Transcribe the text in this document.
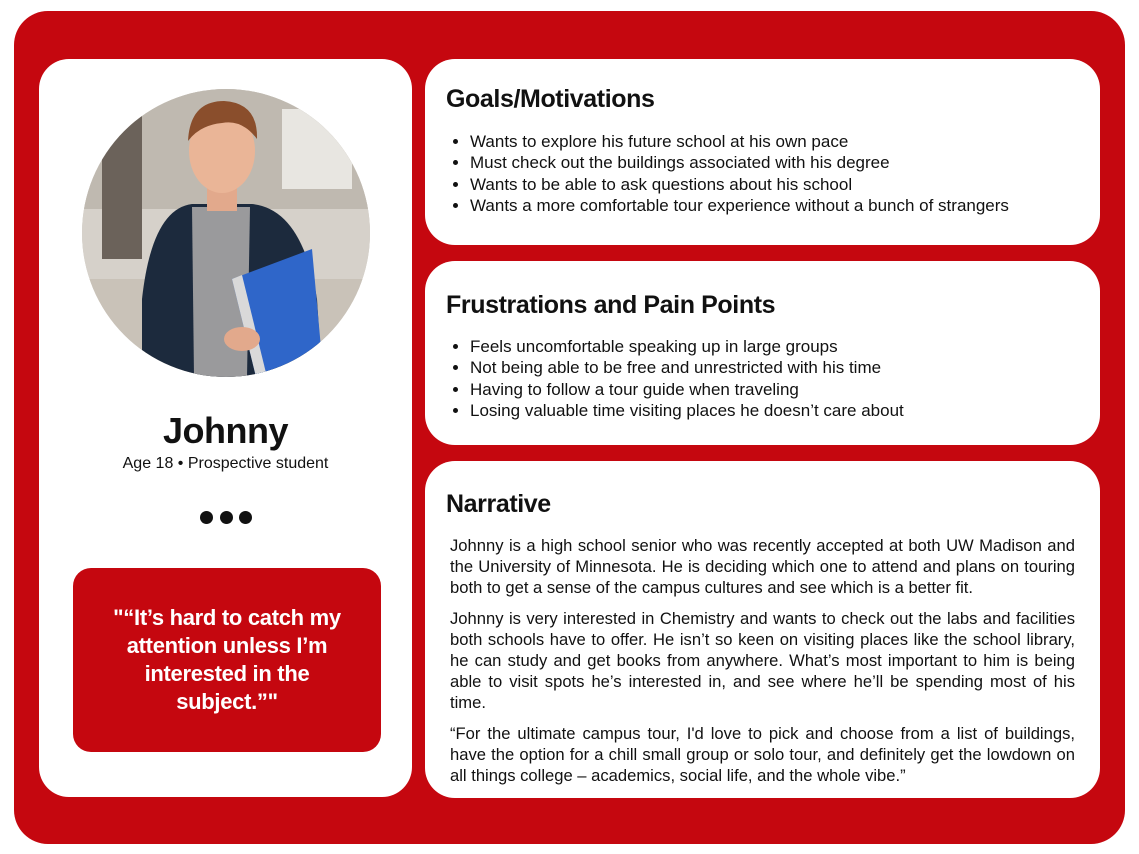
Johnny
Age 18 • Prospective student
"“It’s hard to catch my attention unless I’m interested in the subject.”"
Goals/Motivations
• Wants to explore his future school at his own pace
• Must check out the buildings associated with his degree
• Wants to be able to ask questions about his school
• Wants a more comfortable tour experience without a bunch of strangers
Frustrations and Pain Points
• Feels uncomfortable speaking up in large groups
• Not being able to be free and unrestricted with his time
• Having to follow a tour guide when traveling
• Losing valuable time visiting places he doesn’t care about
Narrative

Johnny is a high school senior who was recently accepted at both UW Madison and the University of Minnesota. He is deciding which one to attend and plans on touring both to get a sense of the campus cultures and see which is a better fit.

Johnny is very interested in Chemistry and wants to check out the labs and facilities both schools have to offer. He isn’t so keen on visiting places like the school library, he can study and get books from anywhere. What’s most important to him is being able to visit spots he’s interested in, and see where he’ll be spending most of his time.

“For the ultimate campus tour, I'd love to pick and choose from a list of buildings, have the option for a chill small group or solo tour, and definitely get the lowdown on all things college – academics, social life, and the whole vibe.”
